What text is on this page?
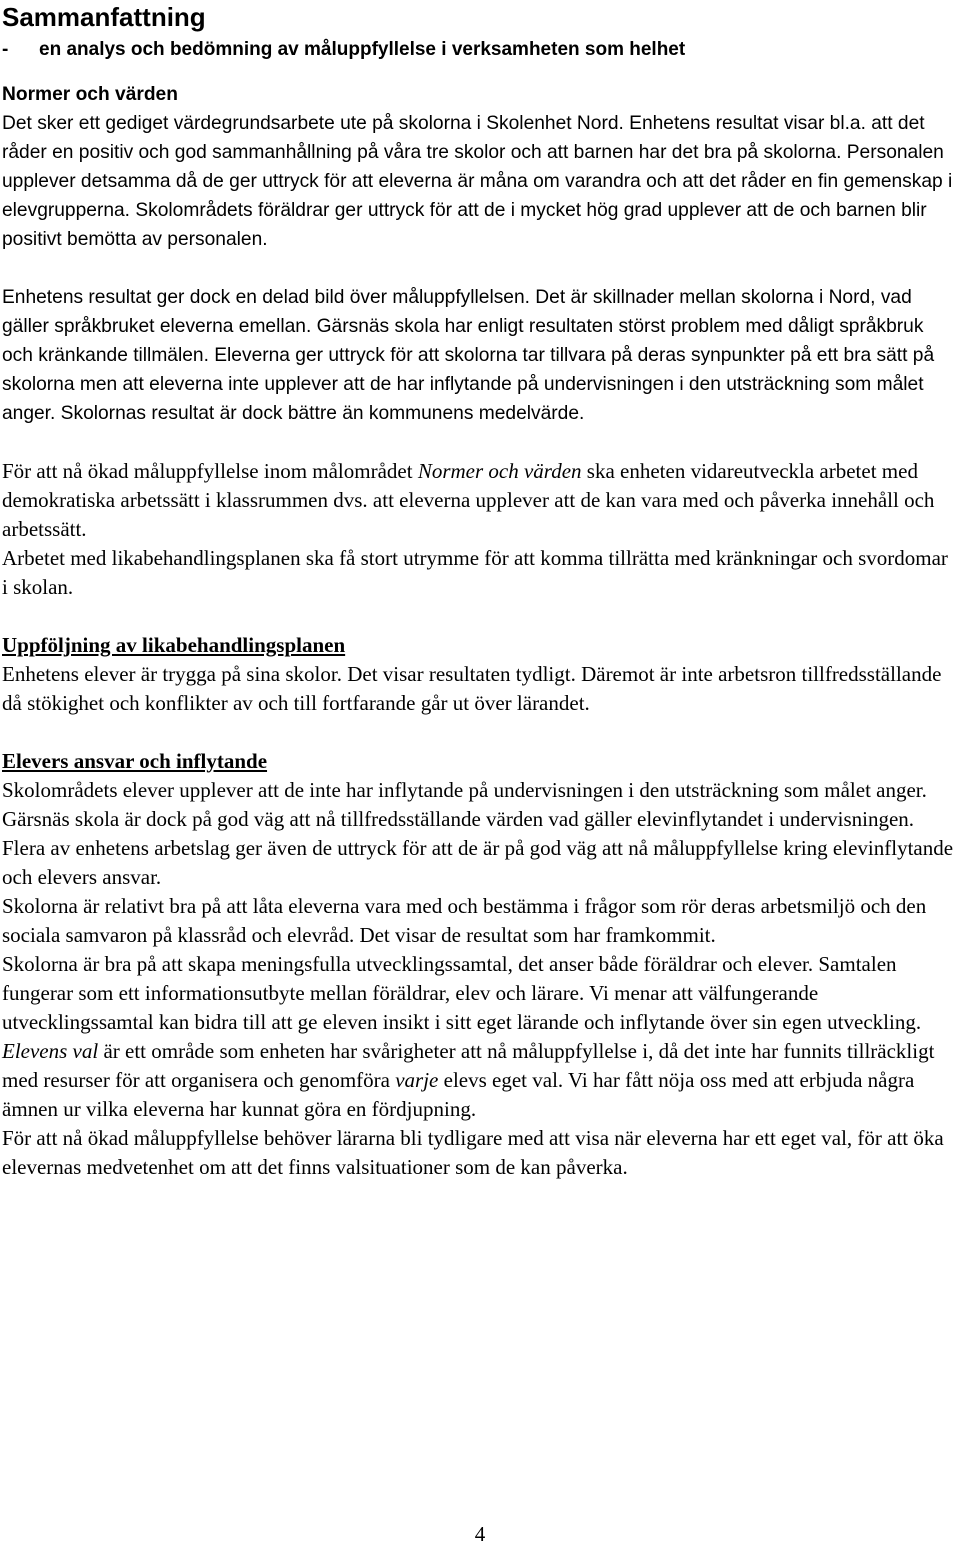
Sammanfattning
- en analys och bedömning av måluppfyllelse i verksamheten som helhet

Normer och värden
Det sker ett gediget värdegrundsarbete ute på skolorna i Skolenhet Nord. Enhetens resultat visar bl.a. att det råder en positiv och god sammanhållning på våra tre skolor och att barnen har det bra på skolorna. Personalen upplever detsamma då de ger uttryck för att eleverna är måna om varandra och att det råder en fin gemenskap i elevgrupperna. Skolområdets föräldrar ger uttryck för att de i mycket hög grad upplever att de och barnen blir positivt bemötta av personalen.

Enhetens resultat ger dock en delad bild över måluppfyllelsen. Det är skillnader mellan skolorna i Nord, vad gäller språkbruket eleverna emellan. Gärsnäs skola har enligt resultaten störst problem med dåligt språkbruk och kränkande tillmälen. Eleverna ger uttryck för att skolorna tar tillvara på deras synpunkter på ett bra sätt på skolorna men att eleverna inte upplever att de har inflytande på undervisningen i den utsträckning som målet anger. Skolornas resultat är dock bättre än kommunens medelvärde.

För att nå ökad måluppfyllelse inom målområdet Normer och värden ska enheten vidareutveckla arbetet med demokratiska arbetssätt i klassrummen dvs. att eleverna upplever att de kan vara med och påverka innehåll och arbetssätt.

Arbetet med likabehandlingsplanen ska få stort utrymme för att komma tillrätta med kränkningar och svordomar i skolan.

Uppföljning av likabehandlingsplanen

Enhetens elever är trygga på sina skolor. Det visar resultaten tydligt. Däremot är inte arbetsron tillfredsställande då stökighet och konflikter av och till fortfarande går ut över lärandet.

Elevers ansvar och inflytande

Skolområdets elever upplever att de inte har inflytande på undervisningen i den utsträckning som målet anger. Gärsnäs skola är dock på god väg att nå tillfredsställande värden vad gäller elevinflytandet i undervisningen. Flera av enhetens arbetslag ger även de uttryck för att de är på god väg att nå måluppfyllelse kring elevinflytande och elevers ansvar.

Skolorna är relativt bra på att låta eleverna vara med och bestämma i frågor som rör deras arbetsmiljö och den sociala samvaron på klassråd och elevråd. Det visar de resultat som har framkommit.

Skolorna är bra på att skapa meningsfulla utvecklingssamtal, det anser både föräldrar och elever. Samtalen fungerar som ett informationsutbyte mellan föräldrar, elev och lärare. Vi menar att välfungerande utvecklingssamtal kan bidra till att ge eleven insikt i sitt eget lärande och inflytande över sin egen utveckling.

Elevens val är ett område som enheten har svårigheter att nå måluppfyllelse i, då det inte har funnits tillräckligt med resurser för att organisera och genomföra varje elevs eget val. Vi har fått nöja oss med att erbjuda några ämnen ur vilka eleverna har kunnat göra en fördjupning.

För att nå ökad måluppfyllelse behöver lärarna bli tydligare med att visa när eleverna har ett eget val, för att öka elevernas medvetenhet om att det finns valsituationer som de kan påverka.

4
